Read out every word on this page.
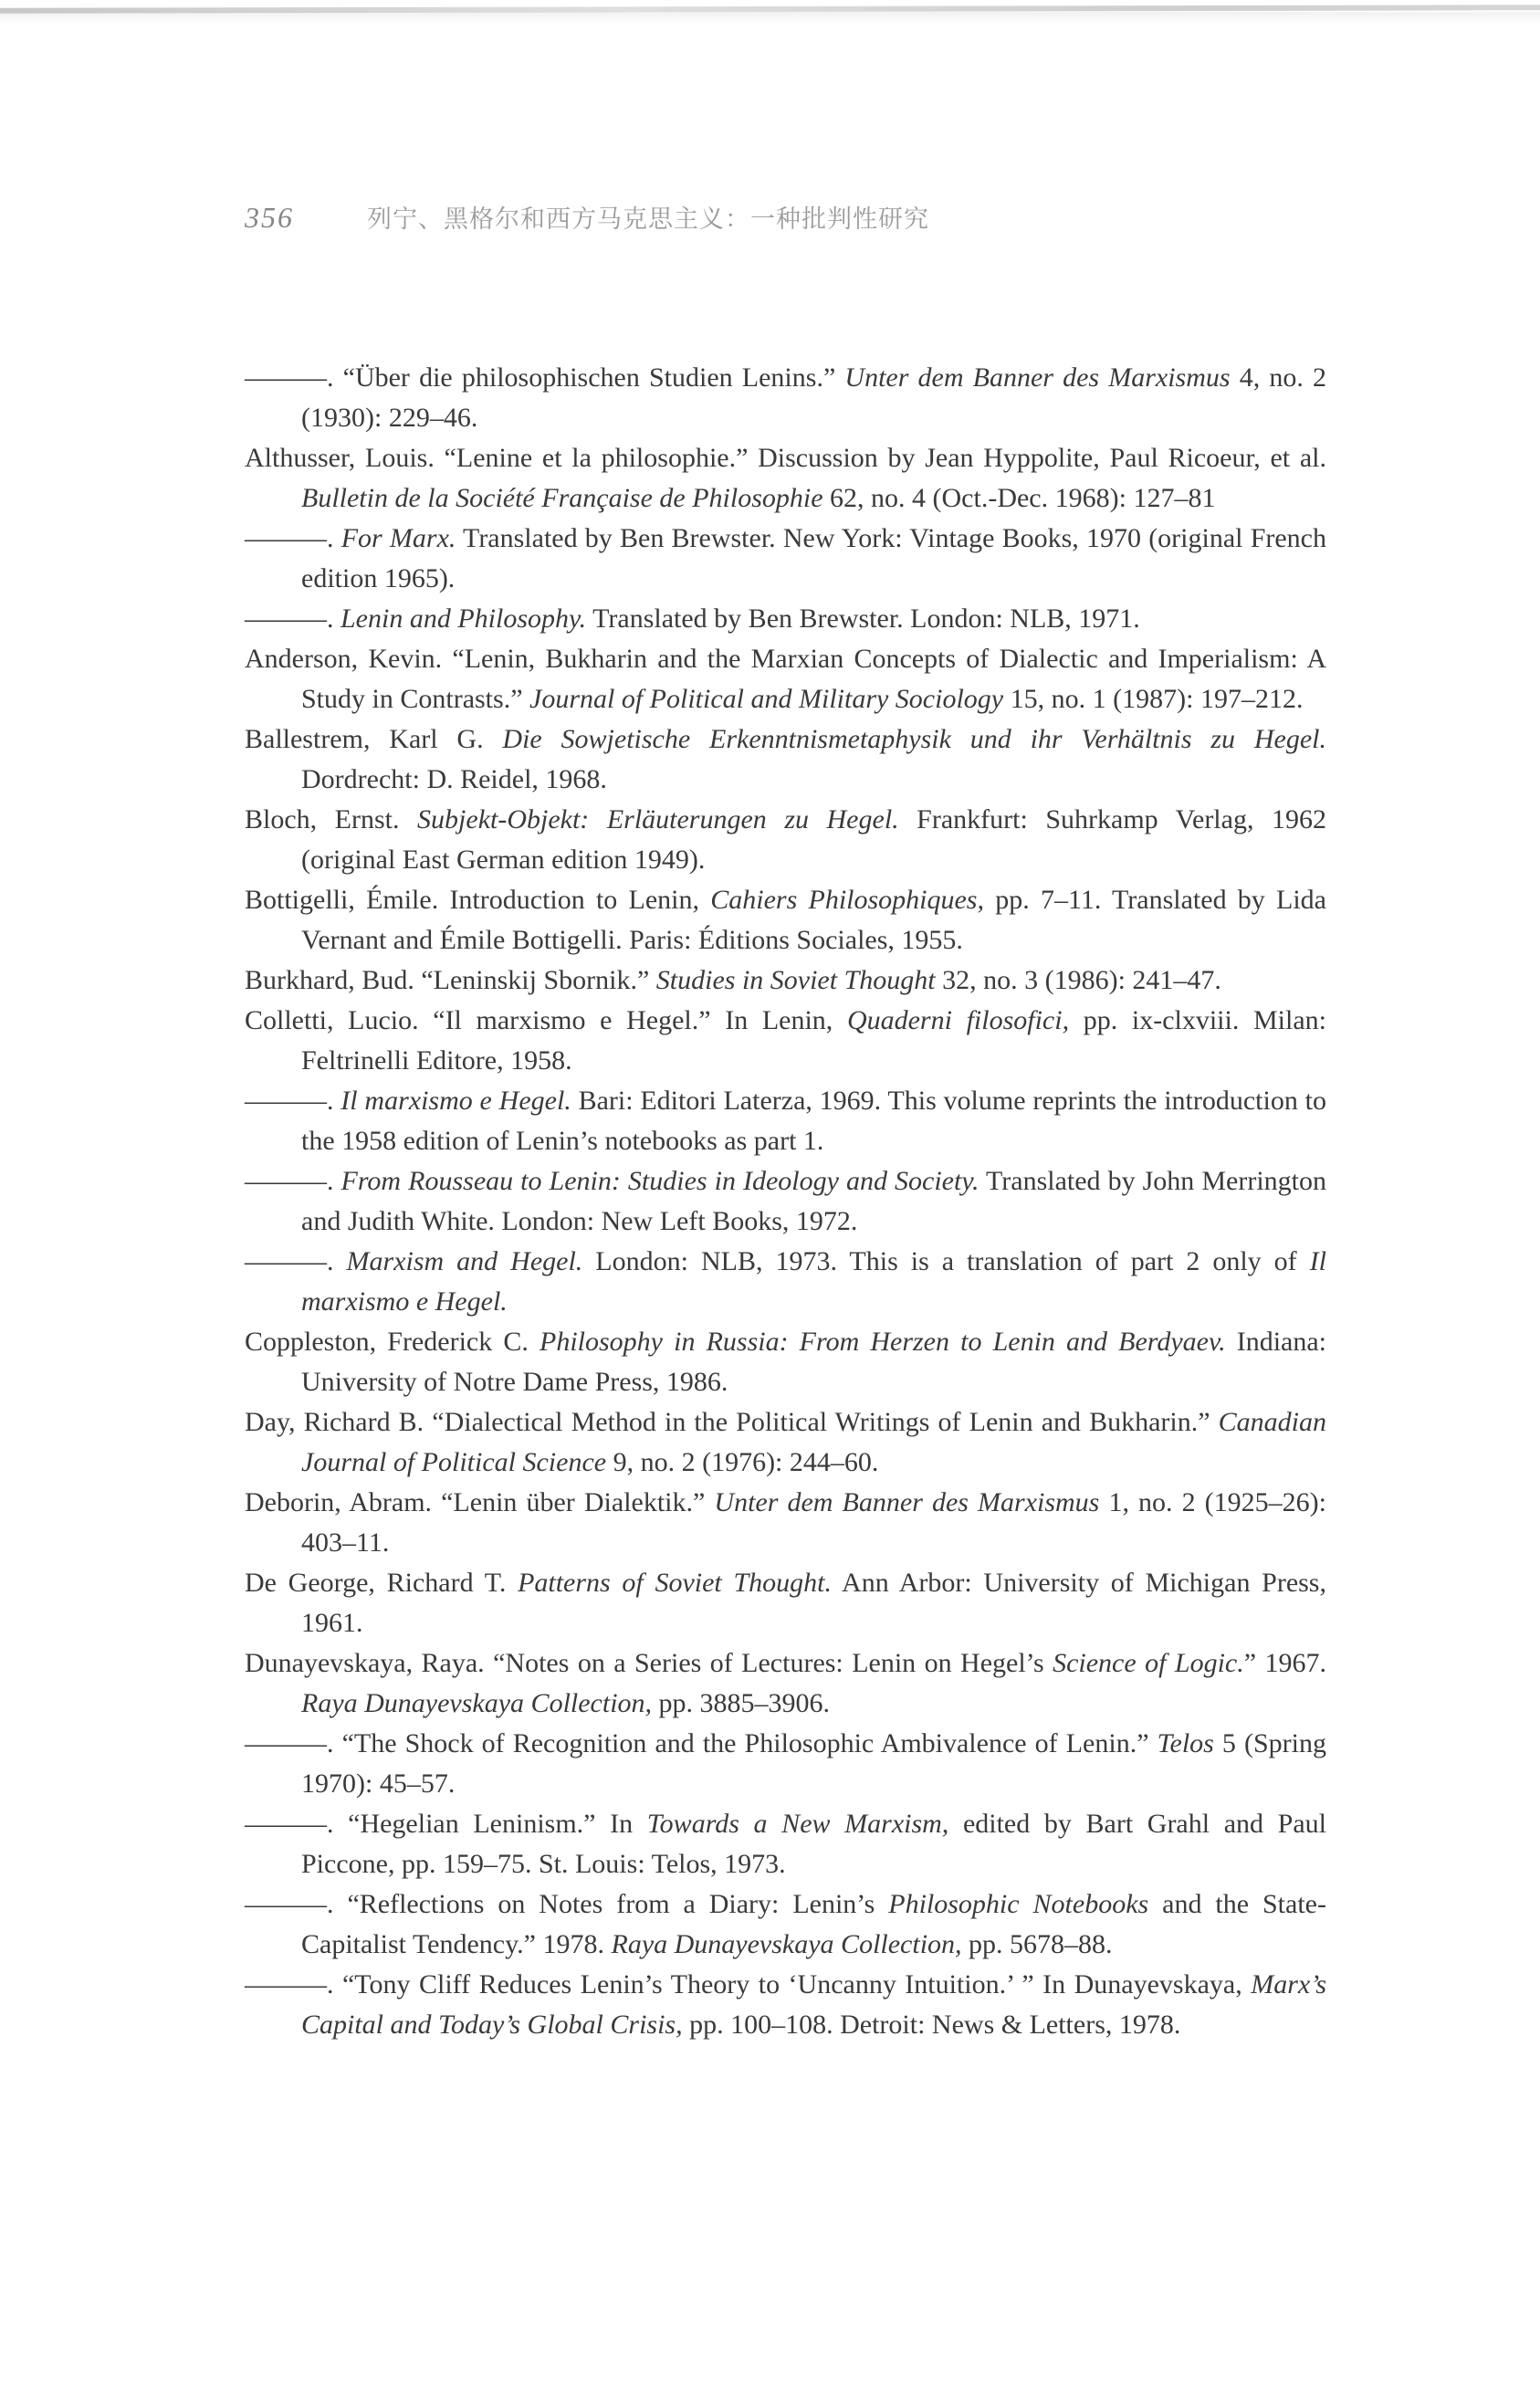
356	列宁、黑格尔和西方马克思主义：一种批判性研究

———. “Über die philosophischen Studien Lenins.” Unter dem Banner des Marxismus 4, no. 2 (1930): 229–46.

Althusser, Louis. “Lenine et la philosophie.” Discussion by Jean Hyppolite, Paul Ricoeur, et al. Bulletin de la Société Française de Philosophie 62, no. 4 (Oct.-Dec. 1968): 127–81

———. For Marx. Translated by Ben Brewster. New York: Vintage Books, 1970 (original French edition 1965).

———. Lenin and Philosophy. Translated by Ben Brewster. London: NLB, 1971.

Anderson, Kevin. “Lenin, Bukharin and the Marxian Concepts of Dialectic and Imperialism: A Study in Contrasts.” Journal of Political and Military Sociology 15, no. 1 (1987): 197–212.

Ballestrem, Karl G. Die Sowjetische Erkenntnismetaphysik und ihr Verhältnis zu Hegel. Dordrecht: D. Reidel, 1968.

Bloch, Ernst. Subjekt-Objekt: Erläuterungen zu Hegel. Frankfurt: Suhrkamp Verlag, 1962 (original East German edition 1949).

Bottigelli, Émile. Introduction to Lenin, Cahiers Philosophiques, pp. 7–11. Translated by Lida Vernant and Émile Bottigelli. Paris: Éditions Sociales, 1955.

Burkhard, Bud. “Leninskij Sbornik.” Studies in Soviet Thought 32, no. 3 (1986): 241–47.

Colletti, Lucio. “Il marxismo e Hegel.” In Lenin, Quaderni filosofici, pp. ix-clxviii. Milan: Feltrinelli Editore, 1958.

———. Il marxismo e Hegel. Bari: Editori Laterza, 1969. This volume reprints the introduction to the 1958 edition of Lenin’s notebooks as part 1.

———. From Rousseau to Lenin: Studies in Ideology and Society. Translated by John Merrington and Judith White. London: New Left Books, 1972.

———. Marxism and Hegel. London: NLB, 1973. This is a translation of part 2 only of Il marxismo e Hegel.

Coppleston, Frederick C. Philosophy in Russia: From Herzen to Lenin and Berdyaev. Indiana: University of Notre Dame Press, 1986.

Day, Richard B. “Dialectical Method in the Political Writings of Lenin and Bukharin.” Canadian Journal of Political Science 9, no. 2 (1976): 244–60.

Deborin, Abram. “Lenin über Dialektik.” Unter dem Banner des Marxismus 1, no. 2 (1925–26): 403–11.

De George, Richard T. Patterns of Soviet Thought. Ann Arbor: University of Michigan Press, 1961.

Dunayevskaya, Raya. “Notes on a Series of Lectures: Lenin on Hegel’s Science of Logic.” 1967. Raya Dunayevskaya Collection, pp. 3885–3906.

———. “The Shock of Recognition and the Philosophic Ambivalence of Lenin.” Telos 5 (Spring 1970): 45–57.

———. “Hegelian Leninism.” In Towards a New Marxism, edited by Bart Grahl and Paul Piccone, pp. 159–75. St. Louis: Telos, 1973.

———. “Reflections on Notes from a Diary: Lenin’s Philosophic Notebooks and the State-Capitalist Tendency.” 1978. Raya Dunayevskaya Collection, pp. 5678–88.

———. “Tony Cliff Reduces Lenin’s Theory to ‘Uncanny Intuition.’ ” In Dunayevskaya, Marx’s Capital and Today’s Global Crisis, pp. 100–108. Detroit: News & Letters, 1978.
